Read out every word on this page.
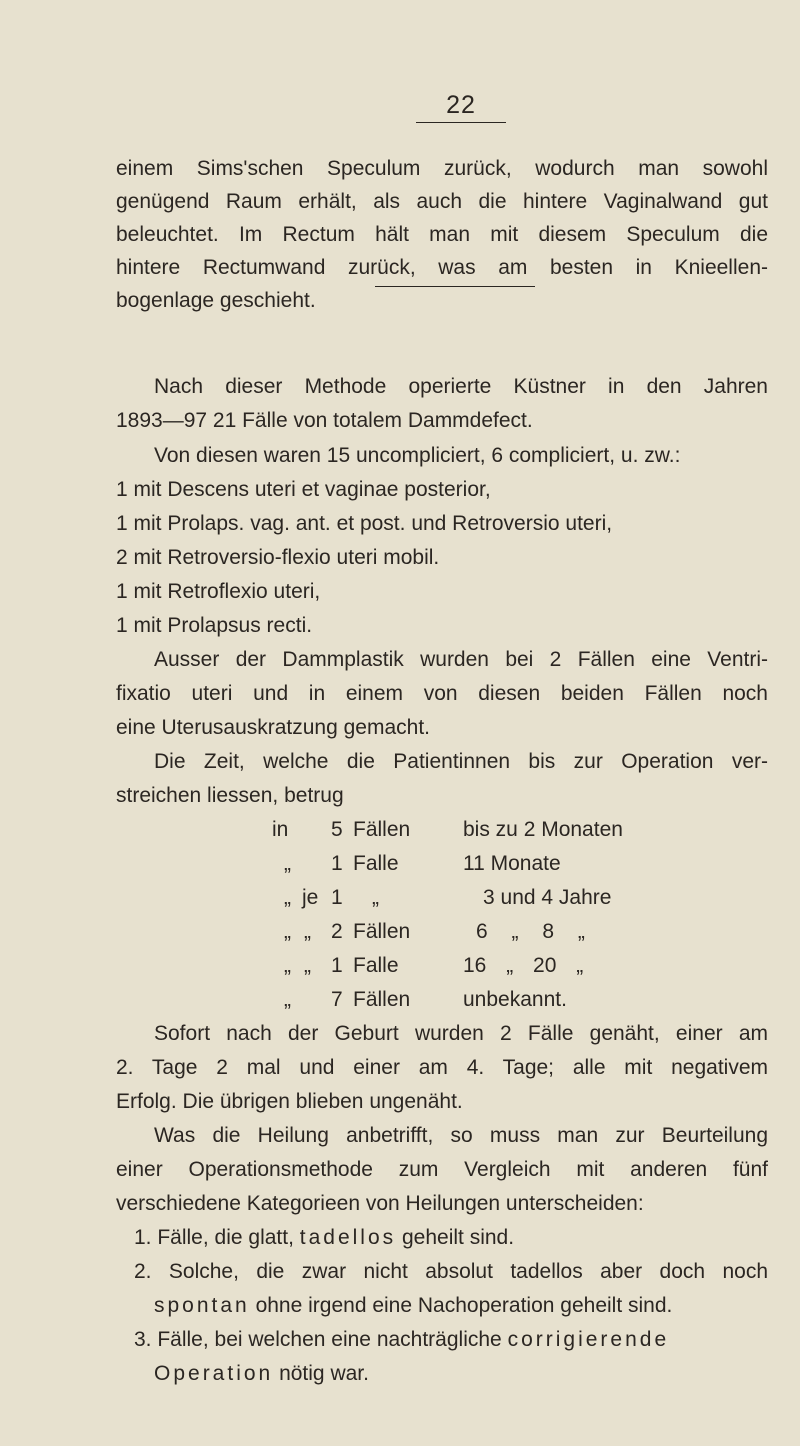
22
einem Sims'schen Speculum zurück, wodurch man sowohl
genügend Raum erhält, als auch die hintere Vaginalwand gut
beleuchtet. Im Rectum hält man mit diesem Speculum die
hintere Rectumwand zurück, was am besten in Knieellen-
bogenlage geschieht.
Nach dieser Methode operierte Küstner in den Jahren
1893—97 21 Fälle von totalem Dammdefect.
Von diesen waren 15 uncompliciert, 6 compliciert, u. zw.:
1 mit Descens uteri et vaginae posterior,
1 mit Prolaps. vag. ant. et post. und Retroversio uteri,
2 mit Retroversio-flexio uteri mobil.
1 mit Retroflexio uteri,
1 mit Prolapsus recti.
Ausser der Dammplastik wurden bei 2 Fällen eine Ventri-
fixatio uteri und in einem von diesen beiden Fällen noch
eine Uterusauskratzung gemacht.
Die Zeit, welche die Patientinnen bis zur Operation ver-
streichen liessen, betrug
in 5 Fällen	bis zu 2 Monaten
„ 1 Falle	11 Monate
„ je 1 „	3 und 4 Jahre
„ „ 2 Fällen	6 „ 8 „
„ „ 1 Falle	16 „ 20 „
„ 7 Fällen	unbekannt.
Sofort nach der Geburt wurden 2 Fälle genäht, einer am
2. Tage 2 mal und einer am 4. Tage; alle mit negativem
Erfolg. Die übrigen blieben ungenäht.
Was die Heilung anbetrifft, so muss man zur Beurteilung
einer Operationsmethode zum Vergleich mit anderen fünf
verschiedene Kategorieen von Heilungen unterscheiden:
1. Fälle, die glatt, tadellos geheilt sind.
2. Solche, die zwar nicht absolut tadellos aber doch noch
spontan ohne irgend eine Nachoperation geheilt sind.
3. Fälle, bei welchen eine nachträgliche corrigierende
Operation nötig war.
